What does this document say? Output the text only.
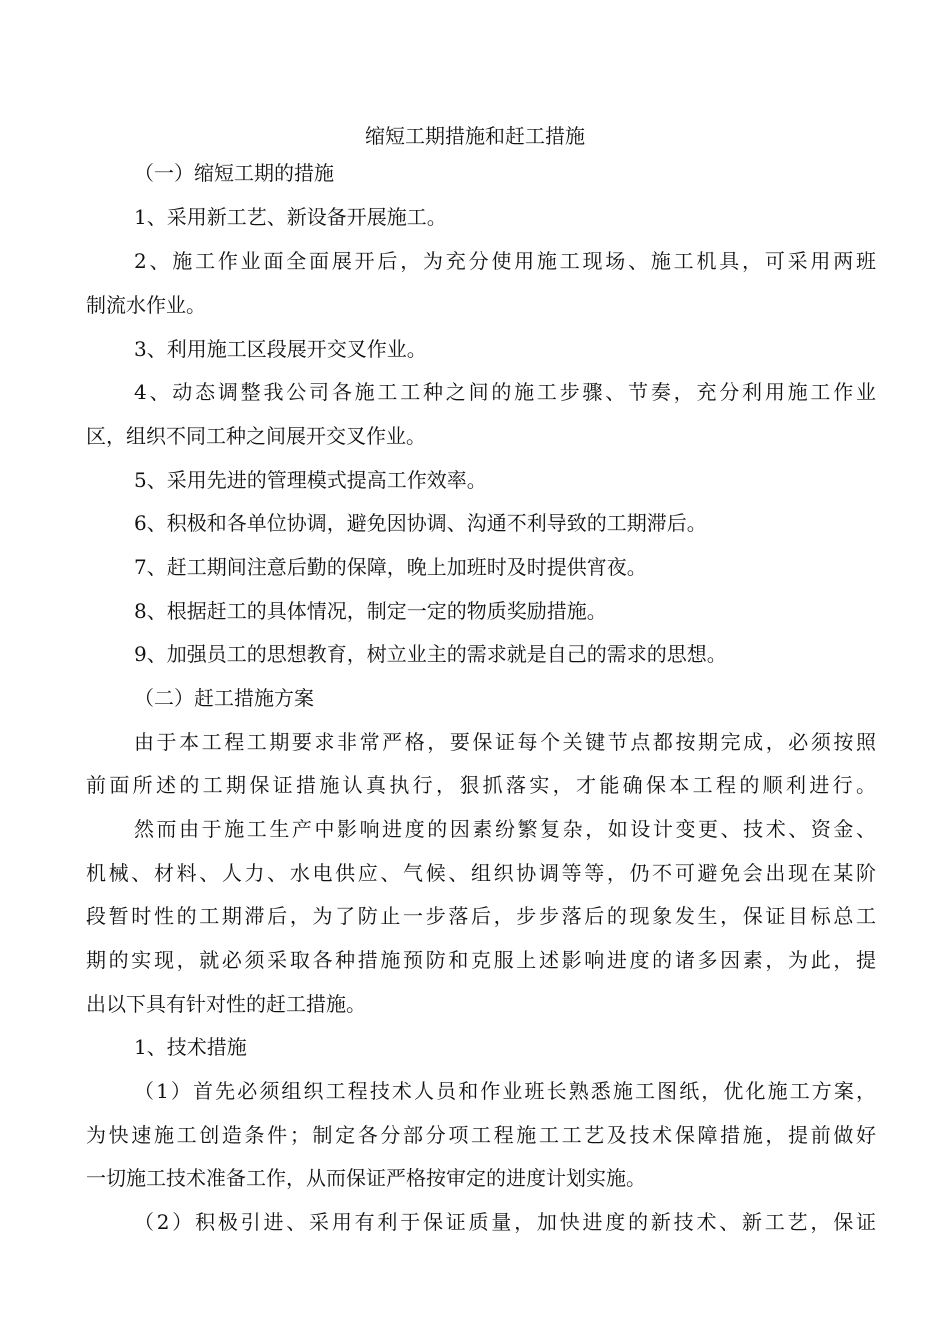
缩短工期措施和赶工措施
（一）缩短工期的措施
1、采用新工艺、新设备开展施工。
2、施工作业面全面展开后，为充分使用施工现场、施工机具，可采用两班
制流水作业。
3、利用施工区段展开交叉作业。
4、动态调整我公司各施工工种之间的施工步骤、节奏，充分利用施工作业
区，组织不同工种之间展开交叉作业。
5、采用先进的管理模式提高工作效率。
6、积极和各单位协调，避免因协调、沟通不利导致的工期滞后。
7、赶工期间注意后勤的保障，晚上加班时及时提供宵夜。
8、根据赶工的具体情况，制定一定的物质奖励措施。
9、加强员工的思想教育，树立业主的需求就是自己的需求的思想。
（二）赶工措施方案
由于本工程工期要求非常严格，要保证每个关键节点都按期完成，必须按照
前面所述的工期保证措施认真执行，狠抓落实，才能确保本工程的顺利进行。
然而由于施工生产中影响进度的因素纷繁复杂，如设计变更、技术、资金、
机械、材料、人力、水电供应、气候、组织协调等等，仍不可避免会出现在某阶
段暂时性的工期滞后，为了防止一步落后，步步落后的现象发生，保证目标总工
期的实现，就必须采取各种措施预防和克服上述影响进度的诸多因素，为此，提
出以下具有针对性的赶工措施。
1、技术措施
（1）首先必须组织工程技术人员和作业班长熟悉施工图纸，优化施工方案，
为快速施工创造条件；制定各分部分项工程施工工艺及技术保障措施，提前做好
一切施工技术准备工作，从而保证严格按审定的进度计划实施。
（2）积极引进、采用有利于保证质量，加快进度的新技术、新工艺，保证
